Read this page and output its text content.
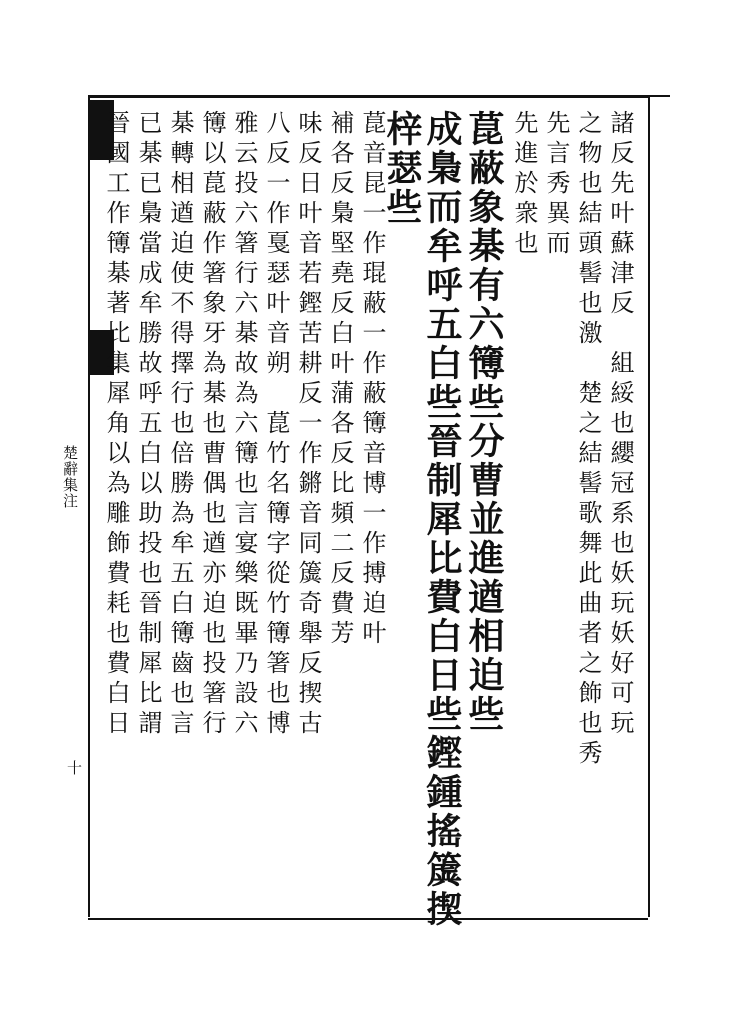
楚辭集注
十
諸反先叶蘇津反　組綏也纓冠系也妖玩妖好可玩
之物也結頭髻也激　楚之結髻歌舞此曲者之飾也秀
先言秀異而
先進於衆也
菎蔽象棊有六簙些分曹並進遒相迫些
成梟而牟呼五白些晉制犀比費白日些鏗鍾搖簴揳
梓瑟些
菎音昆一作琨蔽一作蔽簙音博一作搏迫叶
補各反梟堅堯反白叶蒲各反比頻二反費芳
味反日叶音若鏗苦耕反一作鏘音同簴奇舉反揳古
八反一作戛瑟叶音朔　菎竹名簙字從竹簙箸也博
雅云投六箸行六棊故為六簙也言宴樂既畢乃設六
簙以菎蔽作箸象牙為棊也曹偶也遒亦迫也投箸行
棊轉相遒迫使不得擇行也倍勝為牟五白簙齒也言
已棊已梟當成牟勝故呼五白以助投也晉制犀比謂
晉國工作簙棊著比集犀角以為雕飾費耗也費白日
